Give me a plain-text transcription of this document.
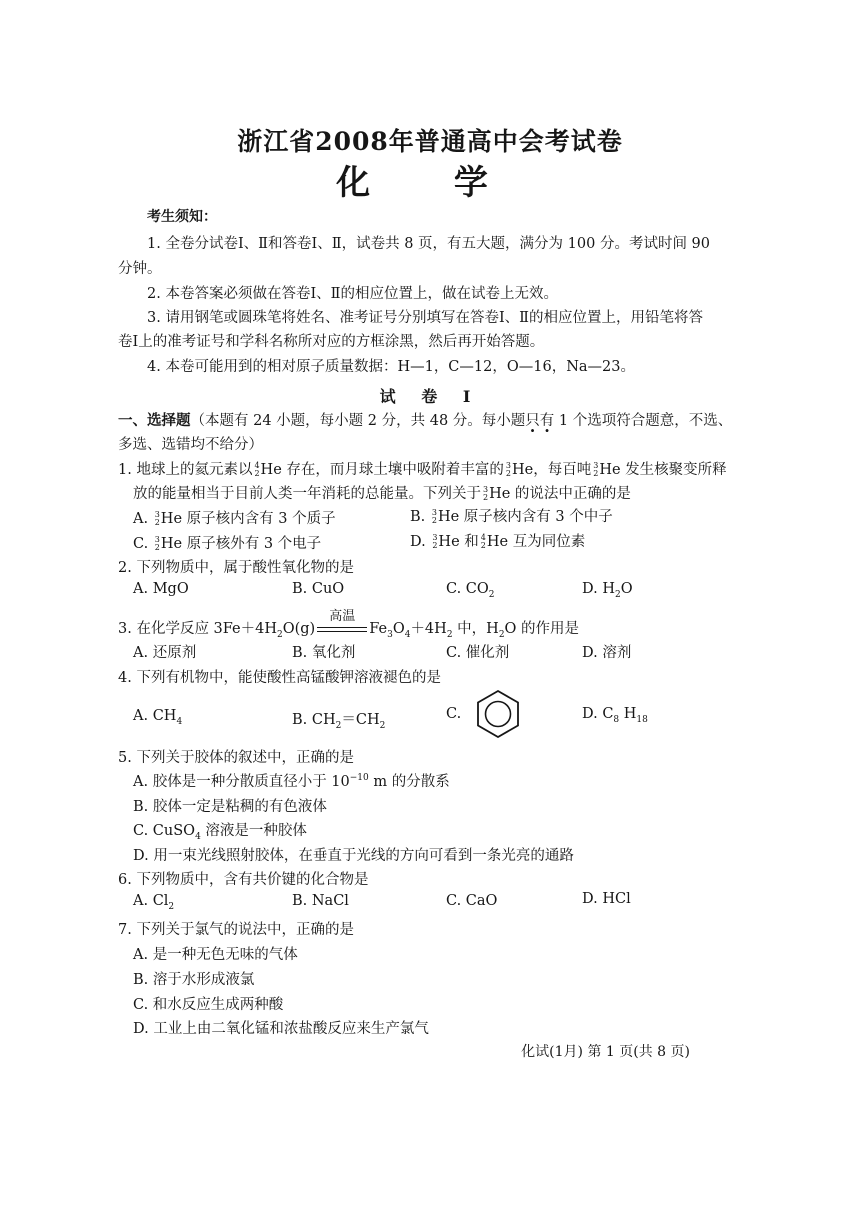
浙江省2008年普通高中会考试卷
化 学
考生须知：
1. 全卷分试卷Ⅰ、Ⅱ和答卷Ⅰ、Ⅱ，试卷共 8 页，有五大题，满分为 100 分。考试时间 90
分钟。
2. 本卷答案必须做在答卷Ⅰ、Ⅱ的相应位置上，做在试卷上无效。
3. 请用钢笔或圆珠笔将姓名、准考证号分别填写在答卷Ⅰ、Ⅱ的相应位置上，用铅笔将答
卷Ⅰ上的准考证号和学科名称所对应的方框涂黑，然后再开始答题。
4. 本卷可能用到的相对原子质量数据：H—1，C—12，O—16，Na—23。
试 卷 Ⅰ
一、选择题（本题有 24 小题，每小题 2 分，共 48 分。每小题只有 1 个选项符合题意，不选、
多选、选错均不给分）
1. 地球上的氦元素以 4
2 He 存在，而月球土壤中吸附着丰富的 3
2 He，每百吨 3
2 He 发生核聚变所释
放的能量相当于目前人类一年消耗的总能量。下列关于 3
2 He 的说法中正确的是
A. 3
2 He 原子核内含有 3 个质子	B. 3
2 He 原子核内含有 3 个中子
C. 3
2 He 原子核外有 3 个电子	D. 3
2 He 和 4
2 He 互为同位素
2. 下列物质中，属于酸性氧化物的是
A. MgO	B. CuO	C. $CO_2$	D. $H_2O$
3. 在化学反应 $3Fe+4H_2O(g)$
高温
$Fe_3O_4+4H_2$ 中，$H_2O$ 的作用是
A. 还原剂	B. 氧化剂	C. 催化剂	D. 溶剂
4. 下列有机物中，能使酸性高锰酸钾溶液褪色的是
A. $CH_4$	B. $CH_2=CH_2$
C.	D. $C_8$ $H_{18}$
5. 下列关于胶体的叙述中，正确的是
A. 胶体是一种分散质直径小于 $10^{-10}$ m 的分散系
B. 胶体一定是粘稠的有色液体
C. CuSO$_4$ 溶液是一种胶体
D. 用一束光线照射胶体，在垂直于光线的方向可看到一条光亮的通路
6. 下列物质中，含有共价键的化合物是
A. $Cl_2$	B. NaCl	C. CaO	D. HCl
7. 下列关于氯气的说法中，正确的是
A. 是一种无色无味的气体
B. 溶于水形成液氯
C. 和水反应生成两种酸
D. 工业上由二氧化锰和浓盐酸反应来生产氯气
化试(1月) 第 1 页(共 8 页)
